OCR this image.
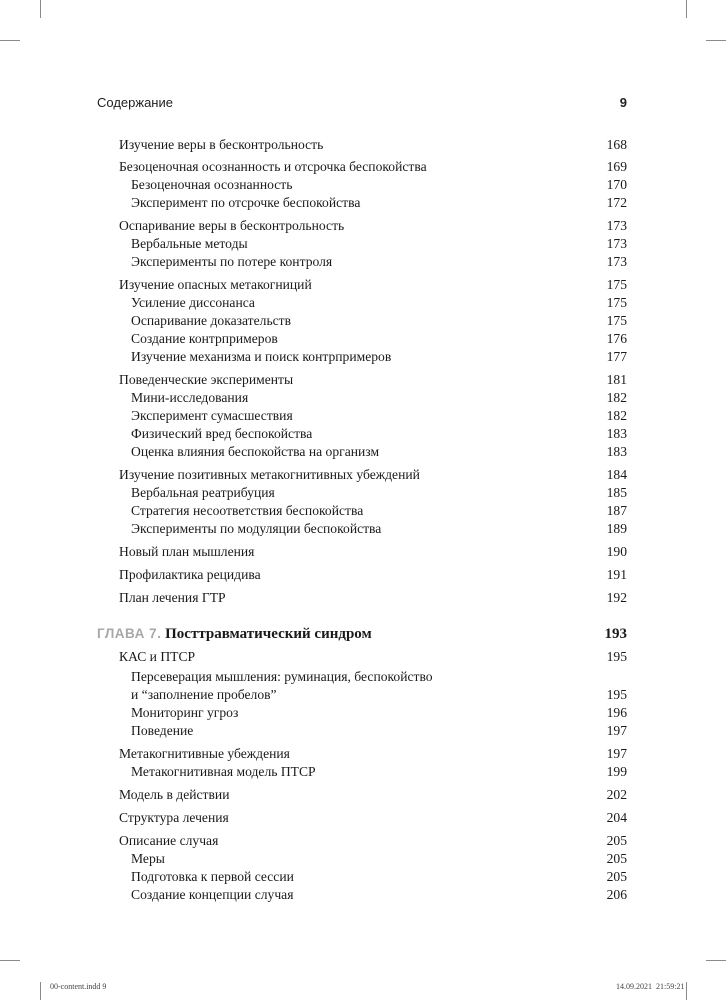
Содержание	9
Изучение веры в бесконтрольность	168
Безоценочная осознанность и отсрочка беспокойства	169
Безоценочная осознанность	170
Эксперимент по отсрочке беспокойства	172
Оспаривание веры в бесконтрольность	173
Вербальные методы	173
Эксперименты по потере контроля	173
Изучение опасных метакогниций	175
Усиление диссонанса	175
Оспаривание доказательств	175
Создание контрпримеров	176
Изучение механизма и поиск контрпримеров	177
Поведенческие эксперименты	181
Мини-исследования	182
Эксперимент сумасшествия	182
Физический вред беспокойства	183
Оценка влияния беспокойства на организм	183
Изучение позитивных метакогнитивных убеждений	184
Вербальная реатрибуция	185
Стратегия несоответствия беспокойства	187
Эксперименты по модуляции беспокойства	189
Новый план мышления	190
Профилактика рецидива	191
План лечения ГТР	192
ГЛАВА 7. Посттравматический синдром	193
КАС и ПТСР	195
Персеверация мышления: руминация, беспокойство
и “заполнение пробелов”	195
Мониторинг угроз	196
Поведение	197
Метакогнитивные убеждения	197
Метакогнитивная модель ПТСР	199
Модель в действии	202
Структура лечения	204
Описание случая	205
Меры	205
Подготовка к первой сессии	205
Создание концепции случая	206
00-content.indd 9	14.09.2021 21:59:21
